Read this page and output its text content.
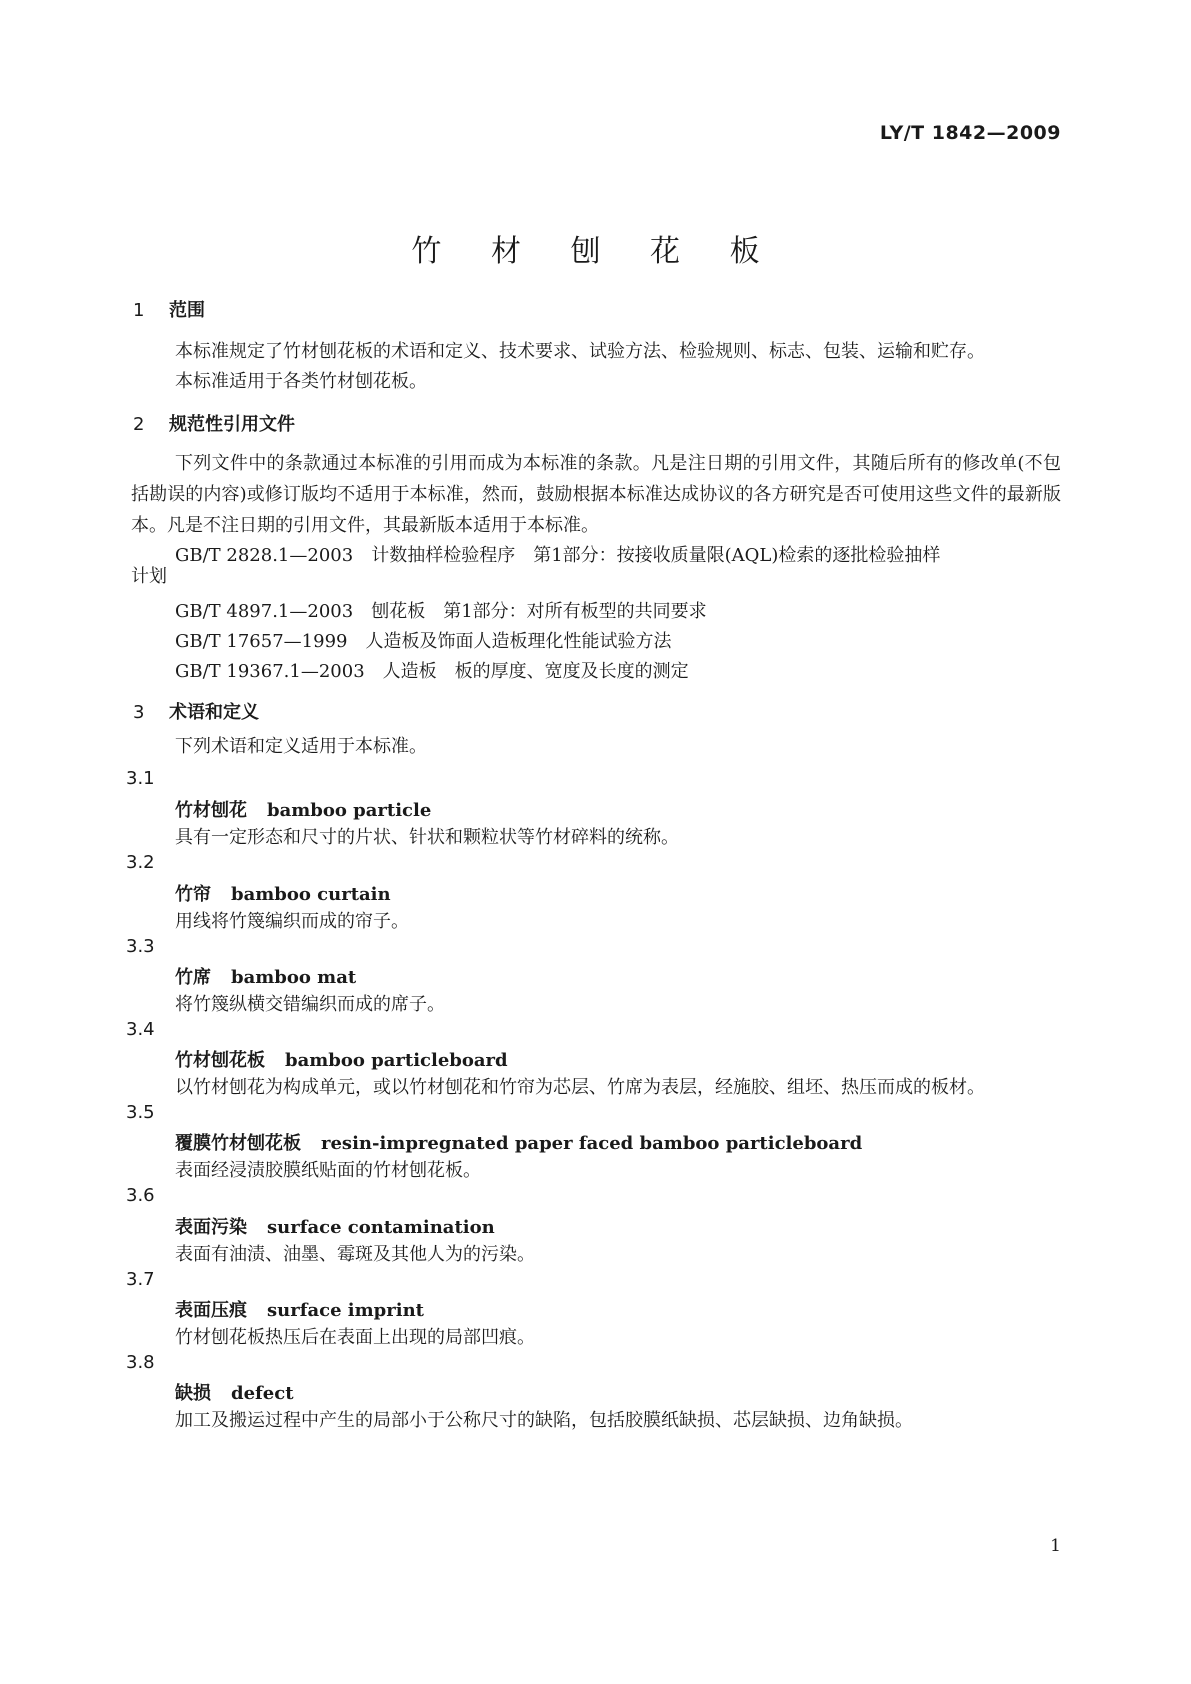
LY/T 1842—2009
竹 材 刨 花 板
1 范围
本标准规定了竹材刨花板的术语和定义、技术要求、试验方法、检验规则、标志、包装、运输和贮存。
本标准适用于各类竹材刨花板。
2 规范性引用文件
下列文件中的条款通过本标准的引用而成为本标准的条款。凡是注日期的引用文件，其随后所有的修改单(不包括勘误的内容)或修订版均不适用于本标准，然而，鼓励根据本标准达成协议的各方研究是否可使用这些文件的最新版本。凡是不注日期的引用文件，其最新版本适用于本标准。
GB/T 2828.1—2003　计数抽样检验程序　第1部分：按接收质量限(AQL)检索的逐批检验抽样
计划
GB/T 4897.1—2003　刨花板　第1部分：对所有板型的共同要求
GB/T 17657—1999　人造板及饰面人造板理化性能试验方法
GB/T 19367.1—2003　人造板　板的厚度、宽度及长度的测定
3 术语和定义
下列术语和定义适用于本标准。
3.1
竹材刨花 bamboo particle
具有一定形态和尺寸的片状、针状和颗粒状等竹材碎料的统称。
3.2
竹帘 bamboo curtain
用线将竹篾编织而成的帘子。
3.3
竹席 bamboo mat
将竹篾纵横交错编织而成的席子。
3.4
竹材刨花板 bamboo particleboard
以竹材刨花为构成单元，或以竹材刨花和竹帘为芯层、竹席为表层，经施胶、组坯、热压而成的板材。
3.5
覆膜竹材刨花板 resin-impregnated paper faced bamboo particleboard
表面经浸渍胶膜纸贴面的竹材刨花板。
3.6
表面污染 surface contamination
表面有油渍、油墨、霉斑及其他人为的污染。
3.7
表面压痕 surface imprint
竹材刨花板热压后在表面上出现的局部凹痕。
3.8
缺损 defect
加工及搬运过程中产生的局部小于公称尺寸的缺陷，包括胶膜纸缺损、芯层缺损、边角缺损。
1
